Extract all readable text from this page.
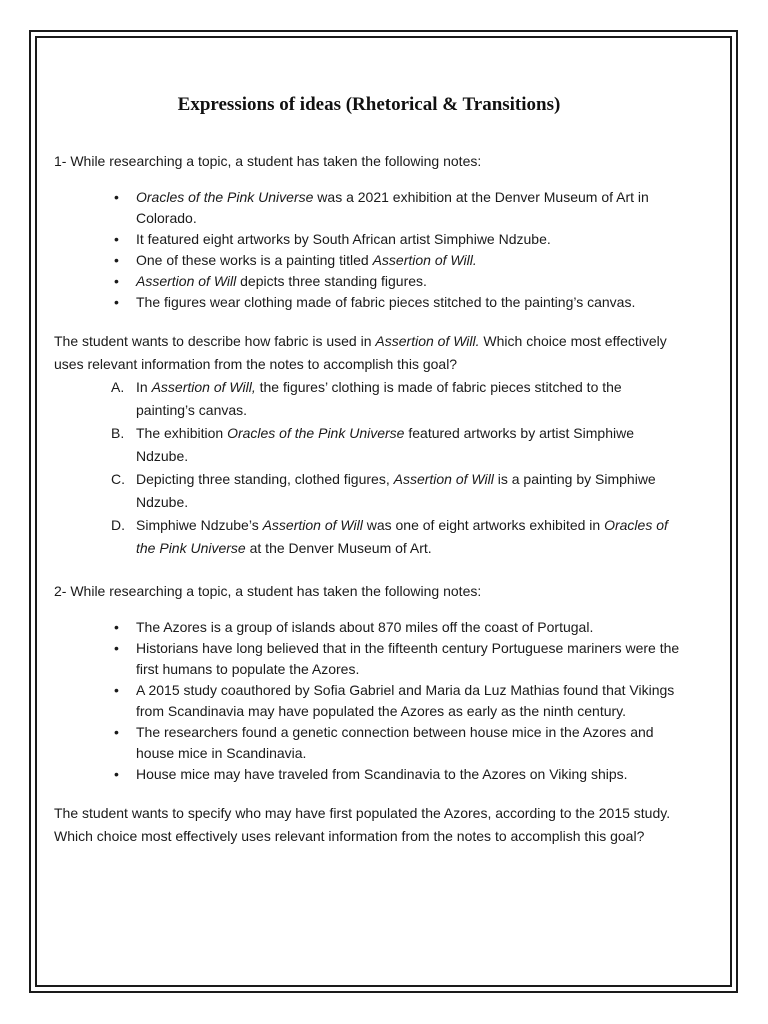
Expressions of ideas (Rhetorical & Transitions)

1- While researching a topic, a student has taken the following notes:

• Oracles of the Pink Universe was a 2021 exhibition at the Denver Museum of Art in Colorado.
• It featured eight artworks by South African artist Simphiwe Ndzube.
• One of these works is a painting titled Assertion of Will.
• Assertion of Will depicts three standing figures.
• The figures wear clothing made of fabric pieces stitched to the painting’s canvas.

The student wants to describe how fabric is used in Assertion of Will. Which choice most effectively uses relevant information from the notes to accomplish this goal?

A. In Assertion of Will, the figures’ clothing is made of fabric pieces stitched to the painting’s canvas.
B. The exhibition Oracles of the Pink Universe featured artworks by artist Simphiwe Ndzube.
C. Depicting three standing, clothed figures, Assertion of Will is a painting by Simphiwe Ndzube.
D. Simphiwe Ndzube’s Assertion of Will was one of eight artworks exhibited in Oracles of the Pink Universe at the Denver Museum of Art.

2- While researching a topic, a student has taken the following notes:

• The Azores is a group of islands about 870 miles off the coast of Portugal.
• Historians have long believed that in the fifteenth century Portuguese mariners were the first humans to populate the Azores.
• A 2015 study coauthored by Sofia Gabriel and Maria da Luz Mathias found that Vikings from Scandinavia may have populated the Azores as early as the ninth century.
• The researchers found a genetic connection between house mice in the Azores and house mice in Scandinavia.
• House mice may have traveled from Scandinavia to the Azores on Viking ships.

The student wants to specify who may have first populated the Azores, according to the 2015 study. Which choice most effectively uses relevant information from the notes to accomplish this goal?
